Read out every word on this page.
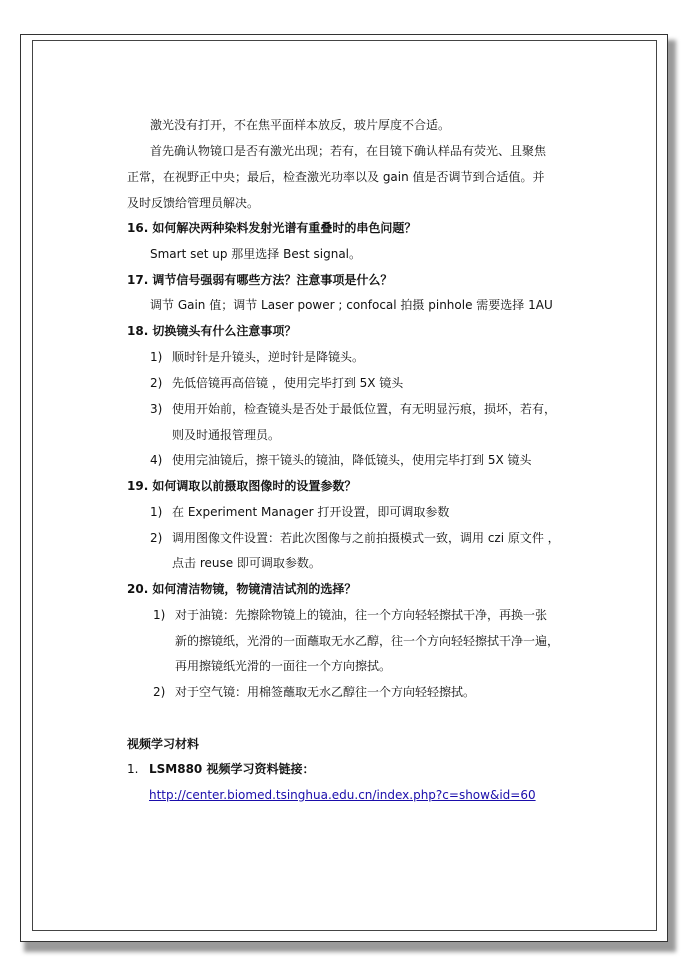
激光没有打开，不在焦平面样本放反，玻片厚度不合适。
首先确认物镜口是否有激光出现；若有，在目镜下确认样品有荧光、且聚焦
正常，在视野正中央；最后，检查激光功率以及 gain 值是否调节到合适值。并
及时反馈给管理员解决。
16. 如何解决两种染料发射光谱有重叠时的串色问题？
Smart set up 那里选择 Best signal。
17. 调节信号强弱有哪些方法？注意事项是什么？
调节 Gain 值；调节 Laser power ; confocal 拍摄 pinhole 需要选择 1AU
18. 切换镜头有什么注意事项？
1) 顺时针是升镜头，逆时针是降镜头。
2) 先低倍镜再高倍镜 ，使用完毕打到 5X 镜头
3) 使用开始前，检查镜头是否处于最低位置，有无明显污痕，损坏，若有，
则及时通报管理员。
4) 使用完油镜后，擦干镜头的镜油，降低镜头，使用完毕打到 5X 镜头
19. 如何调取以前摄取图像时的设置参数？
1) 在 Experiment Manager 打开设置，即可调取参数
2) 调用图像文件设置：若此次图像与之前拍摄模式一致，调用 czi 原文件 ，
点击 reuse 即可调取参数。
20. 如何清洁物镜，物镜清洁试剂的选择？
1) 对于油镜：先擦除物镜上的镜油，往一个方向轻轻擦拭干净，再换一张
新的擦镜纸，光滑的一面蘸取无水乙醇，往一个方向轻轻擦拭干净一遍，
再用擦镜纸光滑的一面往一个方向擦拭。
2) 对于空气镜：用棉签蘸取无水乙醇往一个方向轻轻擦拭。
视频学习材料
1. LSM880 视频学习资料链接：
http://center.biomed.tsinghua.edu.cn/index.php?c=show&id=60
